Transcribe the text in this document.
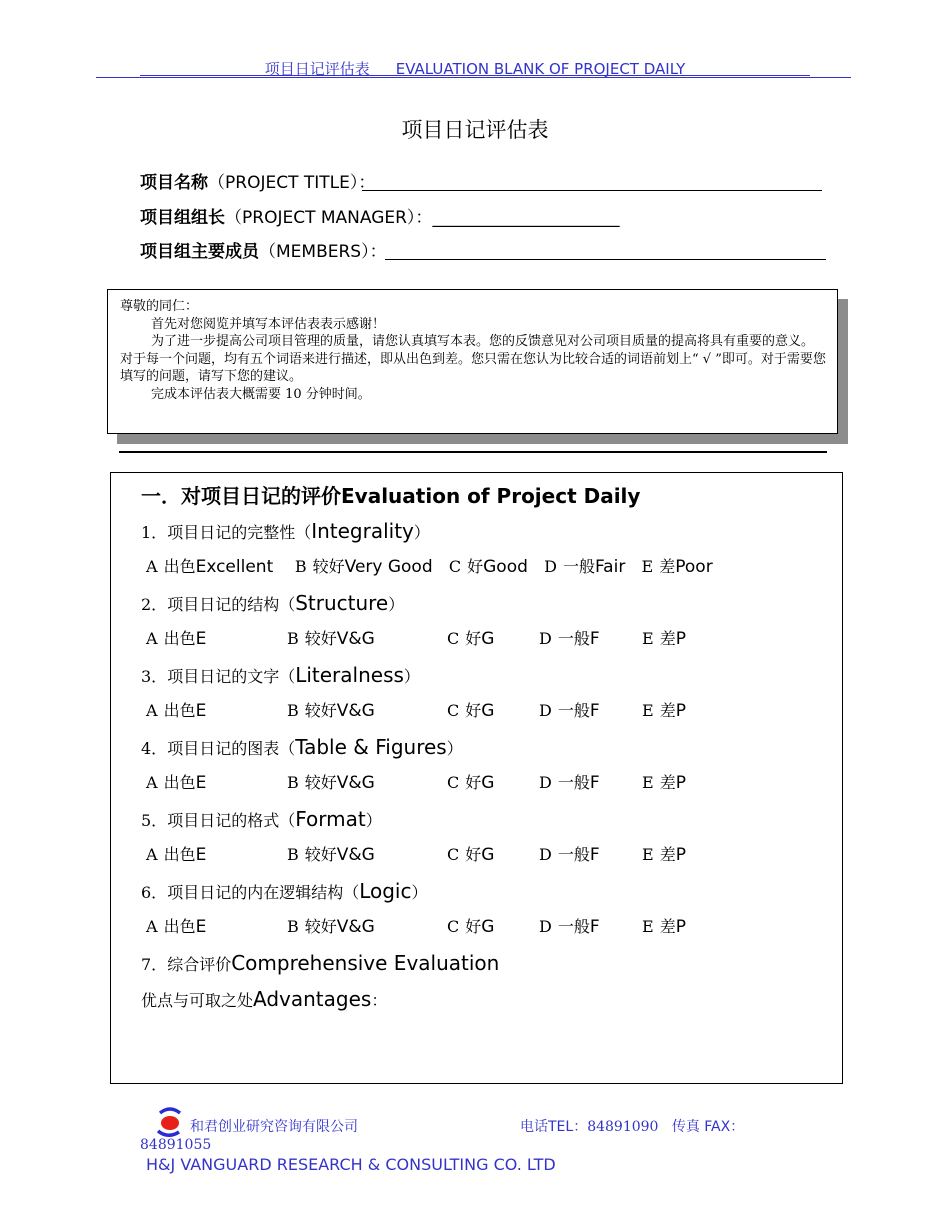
项目日记评估表 EVALUATION BLANK OF PROJECT DAILY
项目日记评估表
项目名称（PROJECT TITLE）：
项目组组长（PROJECT MANAGER）：______________________
项目组主要成员（MEMBERS）：

尊敬的同仁：

首先对您阅览并填写本评估表表示感谢！

为了进一步提高公司项目管理的质量，请您认真填写本表。您的反馈意见对公司项目质量的提高将具有重要的意义。对于每一个问题，均有五个词语来进行描述，即从出色到差。您只需在您认为比较合适的词语前划上“ √ ”即可。对于需要您填写的问题，请写下您的建议。

完成本评估表大概需要 10 分钟时间。

一．对项目日记的评价Evaluation of Project Daily
1．项目日记的完整性（Integrality）
A 出色Excellent B 较好Very Good C 好Good D 一般Fair E 差Poor
2．项目日记的结构（Structure）
A 出色E	B 较好V&G	C 好G	D 一般F	E 差P
3．项目日记的文字（Literalness）
A 出色E	B 较好V&G	C 好G	D 一般F	E 差P
4．项目日记的图表（Table & Figures）
A 出色E	B 较好V&G	C 好G	D 一般F	E 差P
5．项目日记的格式（Format）
A 出色E	B 较好V&G	C 好G	D 一般F	E 差P
6．项目日记的内在逻辑结构（Logic）
A 出色E	B 较好V&G	C 好G	D 一般F	E 差P
7．综合评价Comprehensive Evaluation
优点与可取之处Advantages：
和君创业研究咨询有限公司	电话TEL：84891090 传真 FAX：
84891055
H&J VANGUARD RESEARCH & CONSULTING CO. LTD
